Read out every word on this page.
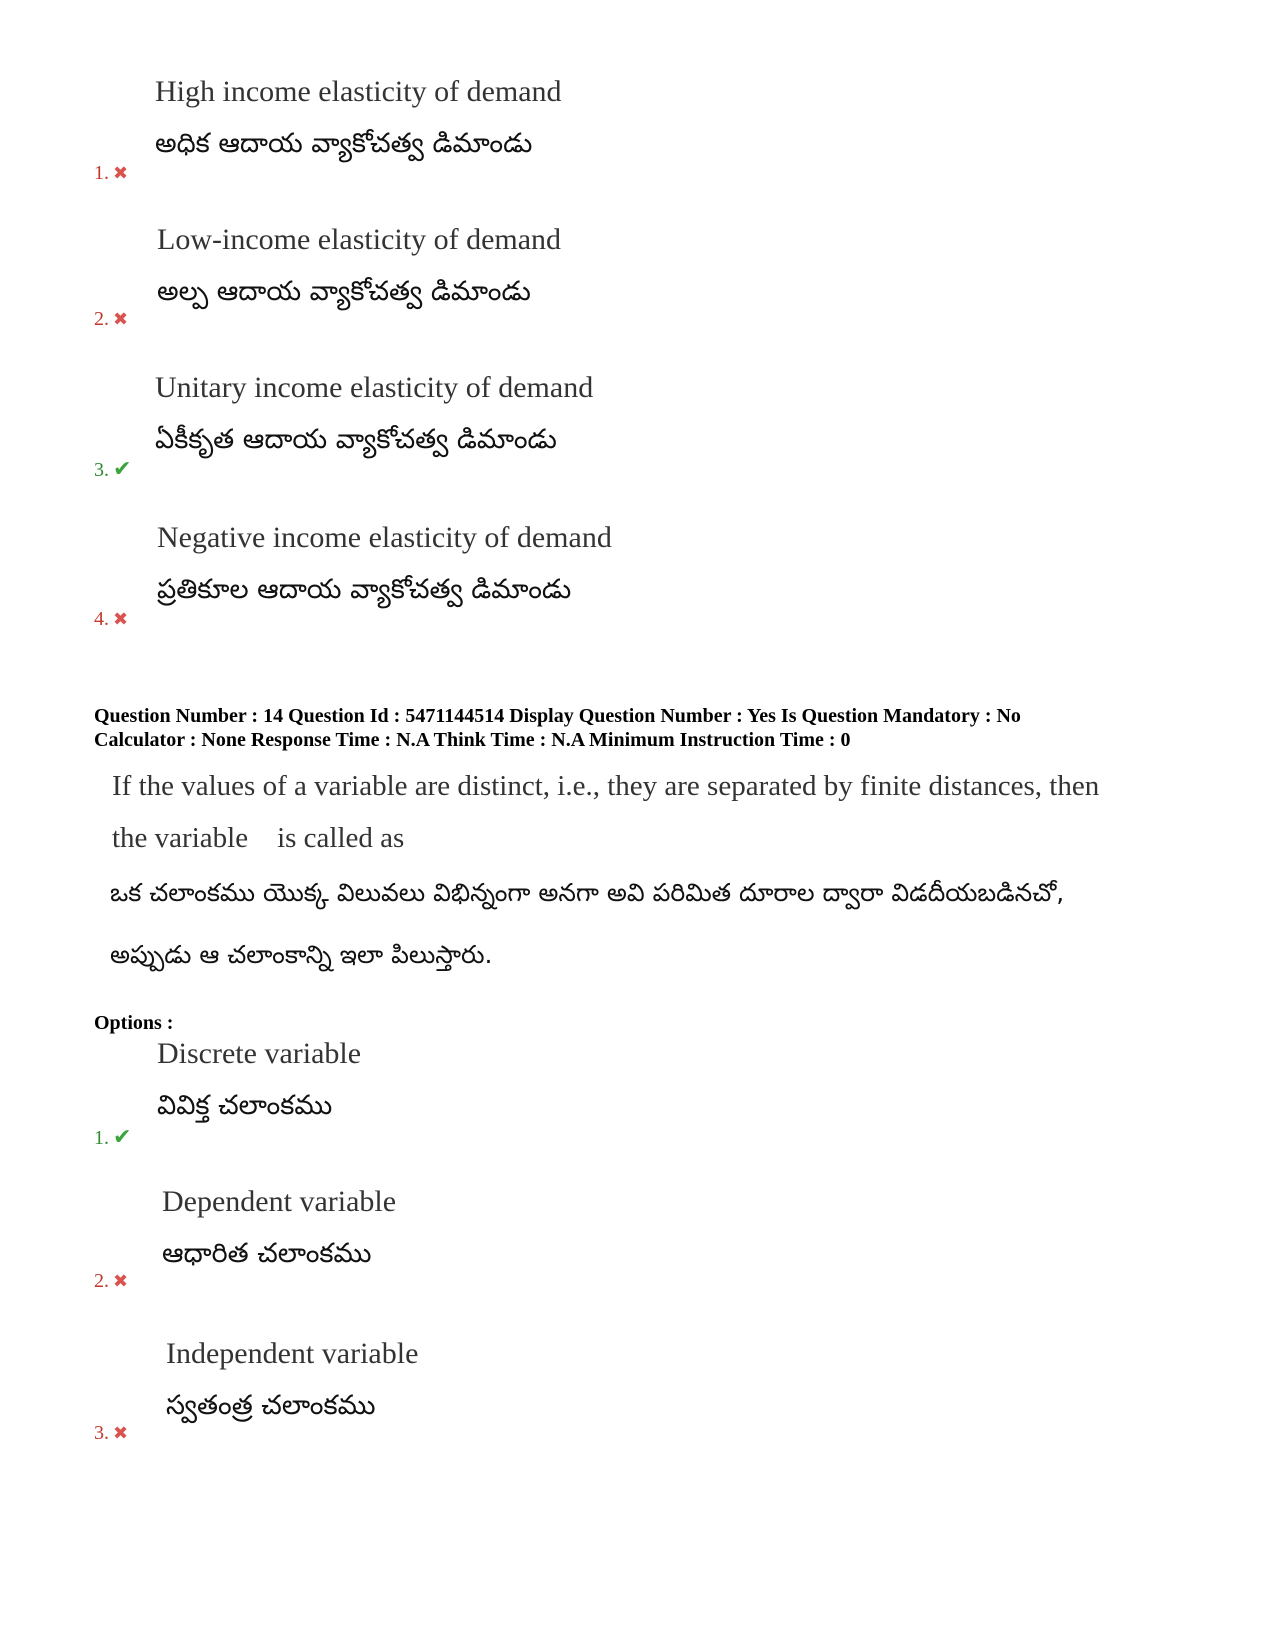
High income elasticity of demand
అధిక ఆదాయ వ్యాకోచత్వ డిమాండు
1. ✖
Low-income elasticity of demand
అల్ప ఆదాయ వ్యాకోచత్వ డిమాండు
2. ✖
Unitary income elasticity of demand
ఏకీకృత ఆదాయ వ్యాకోచత్వ డిమాండు
3. ✔
Negative income elasticity of demand
ప్రతికూల ఆదాయ వ్యాకోచత్వ డిమాండు
4. ✖
Question Number : 14 Question Id : 5471144514 Display Question Number : Yes Is Question Mandatory : No
Calculator : None Response Time : N.A Think Time : N.A Minimum Instruction Time : 0
If the values of a variable are distinct, i.e., they are separated by finite distances, then
the variable    is called as
ఒక చలాంకము యొక్క విలువలు విభిన్నంగా అనగా అవి పరిమిత దూరాల ద్వారా విడదీయబడినచో,
అప్పుడు ఆ చలాంకాన్ని ఇలా పిలుస్తారు.
Options :
Discrete variable
వివిక్త చలాంకము
1. ✔
Dependent variable
ఆధారిత చలాంకము
2. ✖
Independent variable
స్వతంత్ర చలాంకము
3. ✖
